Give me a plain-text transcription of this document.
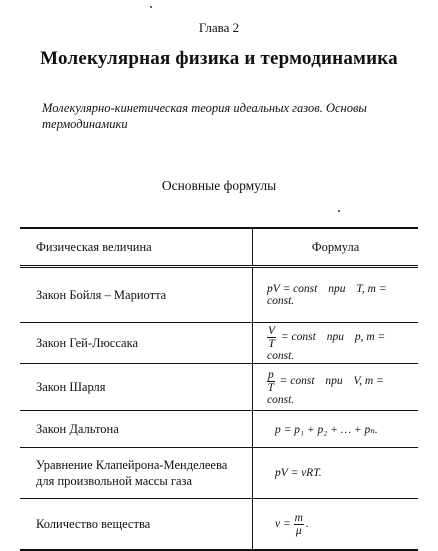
Глава 2
Молекулярная физика и термодинамика
Молекулярно-кинетическая теория идеальных газов. Основы термодинамики
Основные формулы
Физическая величина	Формула
Закон Бойля – Мариотта	pV = const при T, m = const.
Закон Гей-Люссака	$\frac{V}{T}$ = const при p, m = const.
Закон Шарля	$\frac{p}{T}$ = const при V, m = const.
Закон Дальтона	p = p₁ + p₂ + … + pₙ.
Уравнение Клапейрона-Менделеева для произвольной массы газа	pV = νRT.
Количество вещества	$\nu = \frac{m}{\mu}$ .
